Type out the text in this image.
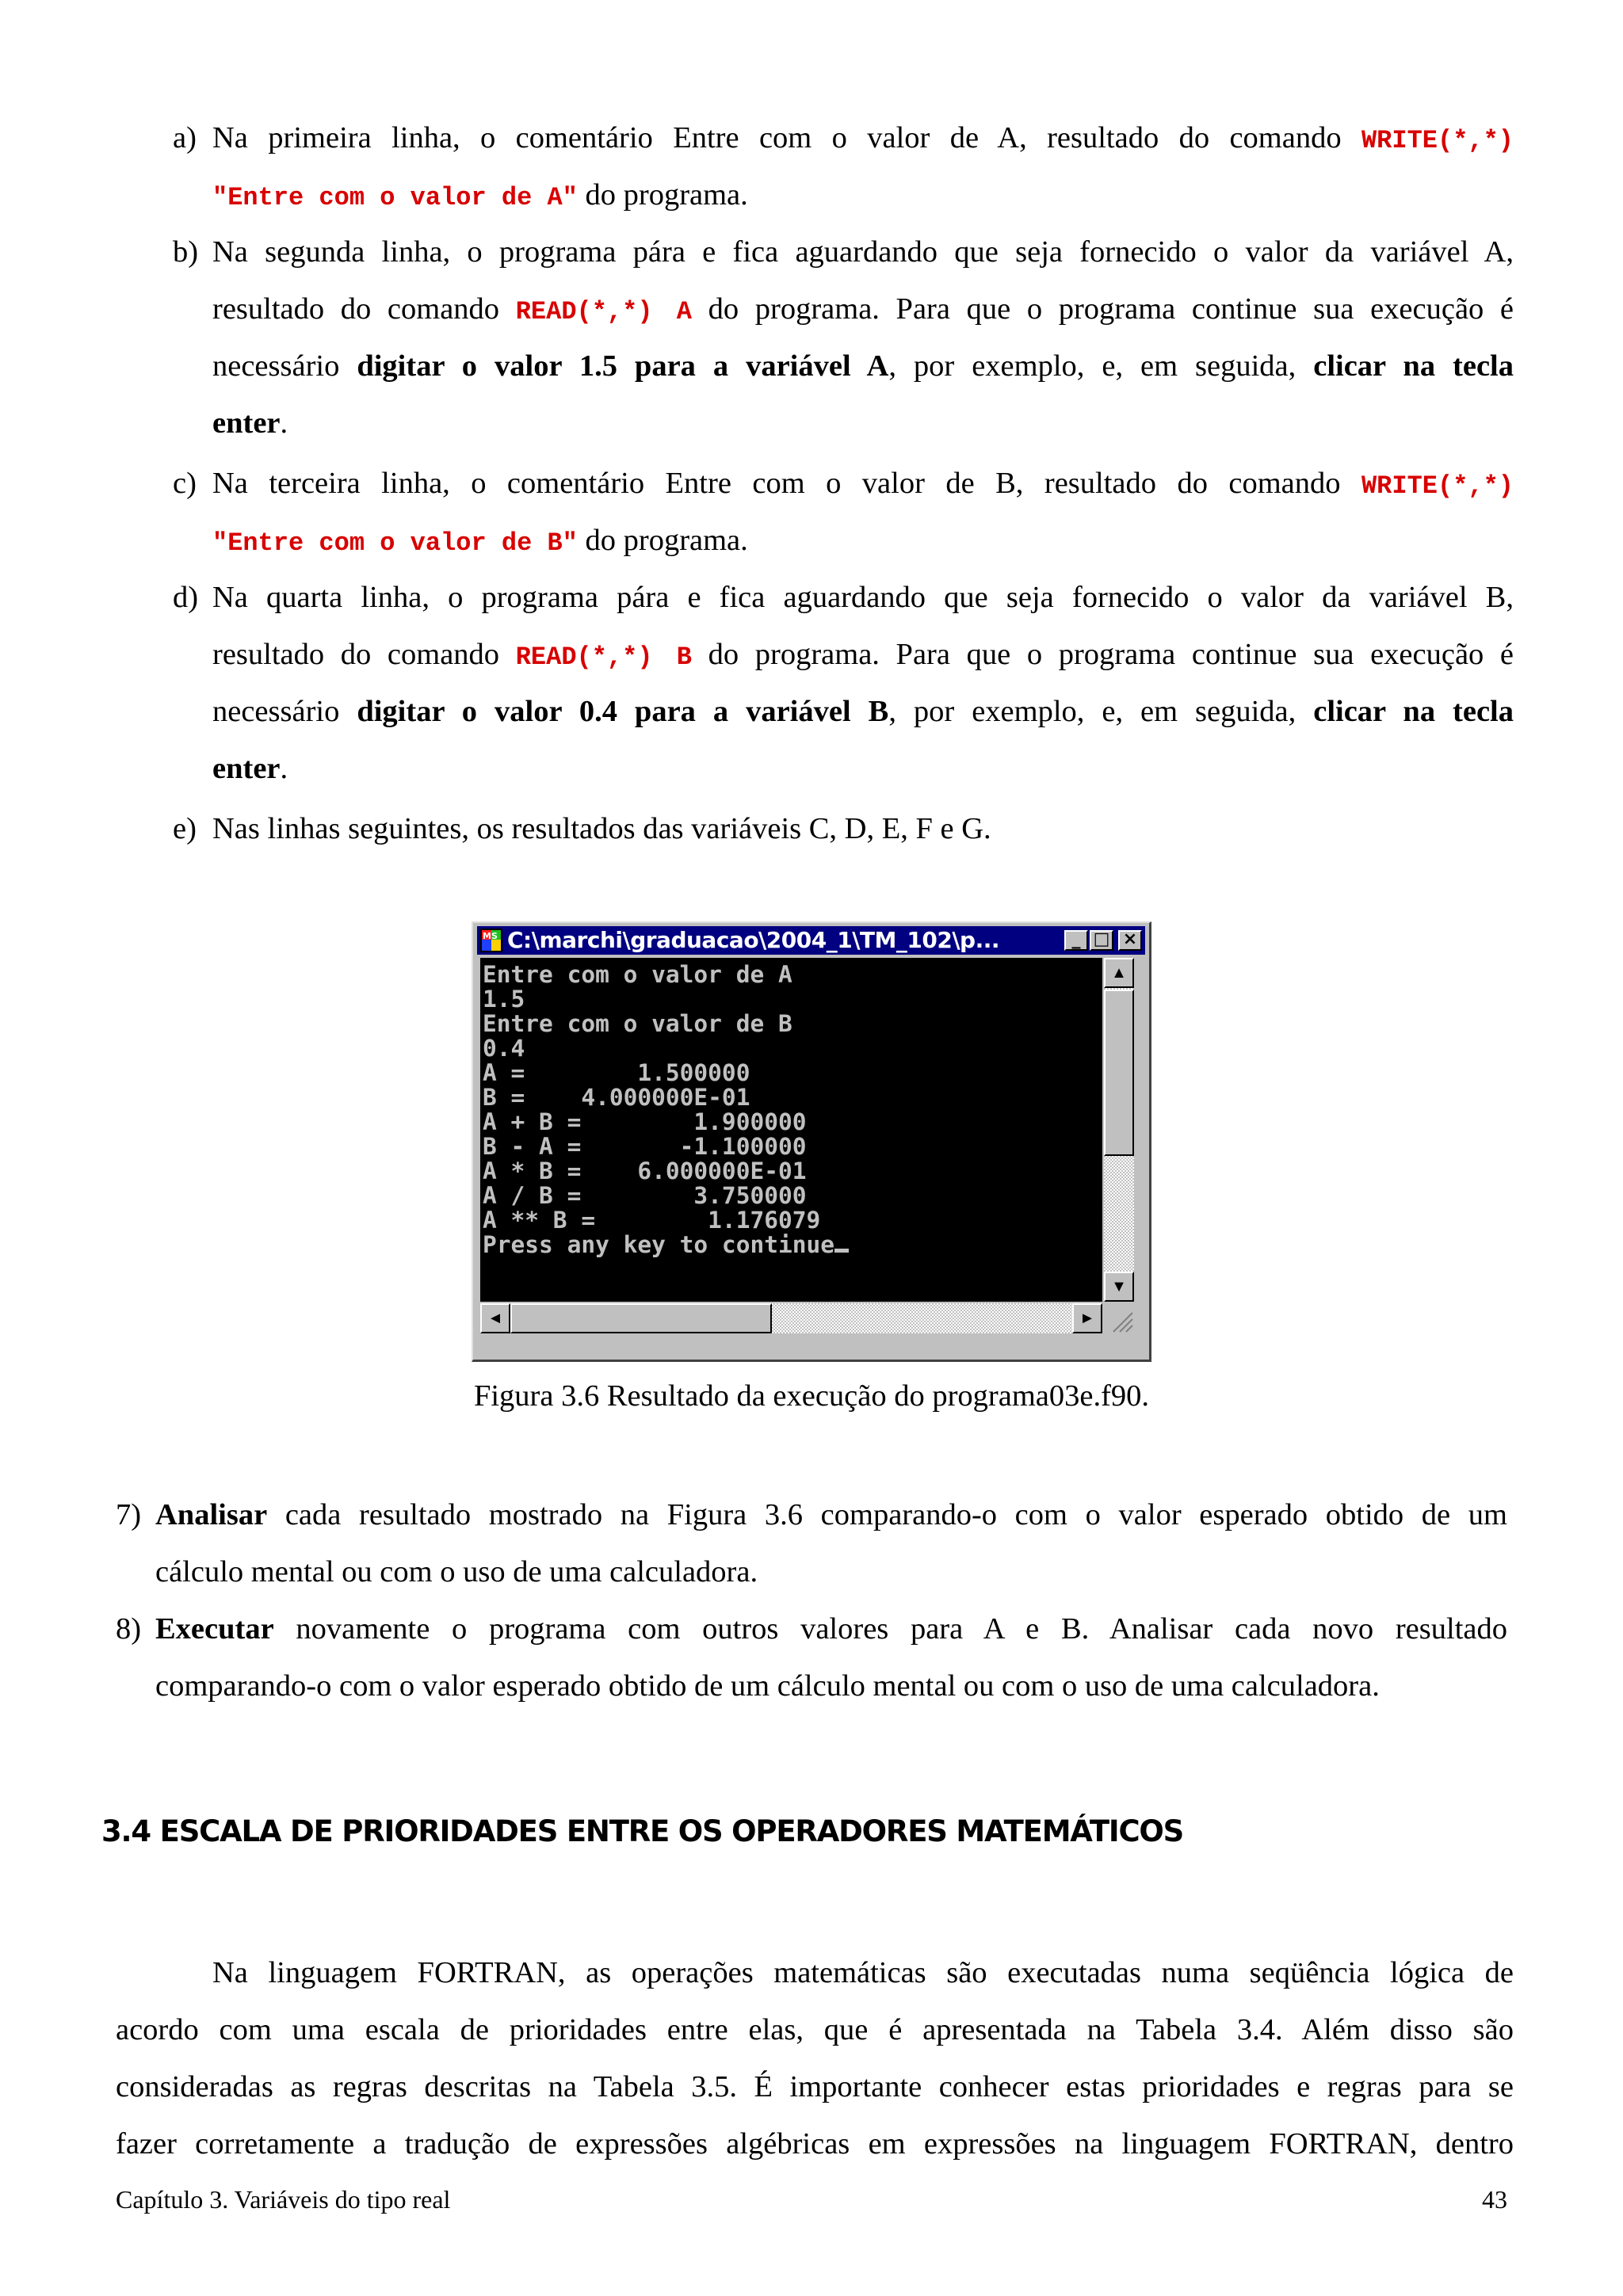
a) Na primeira linha, o comentário Entre com o valor de A, resultado do comando WRITE(*,*)
"Entre com o valor de A" do programa.
b) Na segunda linha, o programa pára e fica aguardando que seja fornecido o valor da variável A,
resultado do comando READ(*,*) A do programa. Para que o programa continue sua execução é
necessário digitar o valor 1.5 para a variável A, por exemplo, e, em seguida, clicar na tecla
enter.
c) Na terceira linha, o comentário Entre com o valor de B, resultado do comando WRITE(*,*)
"Entre com o valor de B" do programa.
d) Na quarta linha, o programa pára e fica aguardando que seja fornecido o valor da variável B,
resultado do comando READ(*,*) B do programa. Para que o programa continue sua execução é
necessário digitar o valor 0.4 para a variável B, por exemplo, e, em seguida, clicar na tecla
enter.
e) Nas linhas seguintes, os resultados das variáveis C, D, E, F e G.
MS C:\marchi\graduacao\2004_1\TM_102\p...	_ □ ×
Entre com o valor de A
1.5
Entre com o valor de B
0.4
A =        1.500000
B =    4.000000E-01
A + B =        1.900000
B - A =       -1.100000
A * B =    6.000000E-01
A / B =        3.750000
A ** B =        1.176079
Press any key to continue
▲
▼
◄	►
Figura 3.6 Resultado da execução do programa03e.f90.
7) Analisar cada resultado mostrado na Figura 3.6 comparando-o com o valor esperado obtido de um
cálculo mental ou com o uso de uma calculadora.
8) Executar novamente o programa com outros valores para A e B. Analisar cada novo resultado
comparando-o com o valor esperado obtido de um cálculo mental ou com o uso de uma calculadora.
3.4 ESCALA DE PRIORIDADES ENTRE OS OPERADORES MATEMÁTICOS
Na linguagem FORTRAN, as operações matemáticas são executadas numa seqüência lógica de
acordo com uma escala de prioridades entre elas, que é apresentada na Tabela 3.4. Além disso são
consideradas as regras descritas na Tabela 3.5. É importante conhecer estas prioridades e regras para se
fazer corretamente a tradução de expressões algébricas em expressões na linguagem FORTRAN, dentro
Capítulo 3. Variáveis do tipo real	43
